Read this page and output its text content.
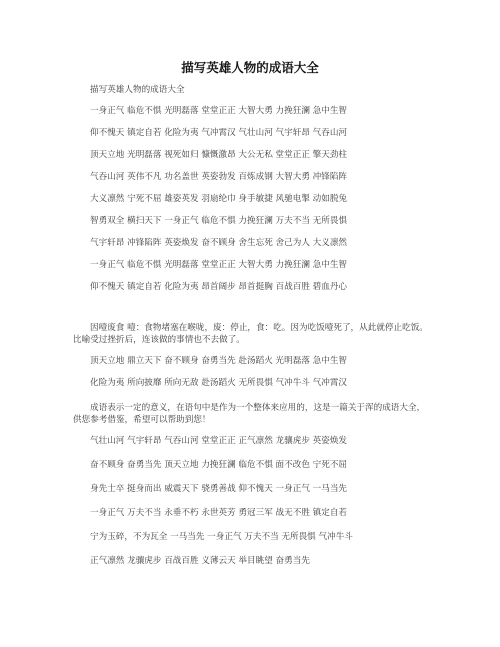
描写英雄人物的成语大全

描写英雄人物的成语大全

一身正气 临危不惧 光明磊落 堂堂正正 大智大勇 力挽狂澜 急中生智

仰不愧天 镇定自若 化险为夷 气冲霄汉 气壮山河 气宇轩昂 气吞山河

顶天立地 光明磊落 视死如归 慷慨激昂 大公无私 堂堂正正 擎天劲柱

气吞山河 英伟不凡 功名盖世 英姿勃发 百炼成钢 大智大勇 冲锋陷阵

大义凛然 宁死不屈 雄姿英发 羽扇纶巾 身手敏捷 风驰电掣 动如脱兔

智勇双全 横扫天下 一身正气 临危不惧 力挽狂澜 万夫不当 无所畏惧

气宇轩昂 冲锋陷阵 英姿焕发 奋不顾身 舍生忘死 舍己为人 大义凛然

一身正气 临危不惧 光明磊落 堂堂正正 大智大勇 力挽狂澜 急中生智

仰不愧天 镇定自若 化险为夷 昂首阔步 昂首挺胸 百战百胜 碧血丹心

因噎废食 噎：食物堵塞在喉咙，废：停止，食：吃。因为吃饭噎死了，从此就停止吃饭。比喻受过挫折后，连该做的事情也不去做了。

顶天立地 鼎立天下 奋不顾身 奋勇当先 赴汤蹈火 光明磊落 急中生智

化险为夷 所向披靡 所向无敌 赴汤蹈火 无所畏惧 气冲牛斗 气冲霄汉

成语表示一定的意义，在语句中是作为一个整体来应用的，这是一篇关于浑的成语大全，供您参考借鉴，希望可以帮助到您！

气壮山河 气宇轩昂 气吞山河 堂堂正正 正气凛然 龙骧虎步 英姿焕发

奋不顾身 奋勇当先 顶天立地 力挽狂澜 临危不惧 面不改色 宁死不屈

身先士卒 挺身而出 威震天下 骁勇善战 仰不愧天 一身正气 一马当先

一身正气 万夫不当 永垂不朽 永世英芳 勇冠三军 战无不胜 镇定自若

宁为玉碎，不为瓦全 一马当先 一身正气 万夫不当 无所畏惧 气冲牛斗

正气凛然 龙骧虎步 百战百胜 义薄云天 举目眺望 奋勇当先
